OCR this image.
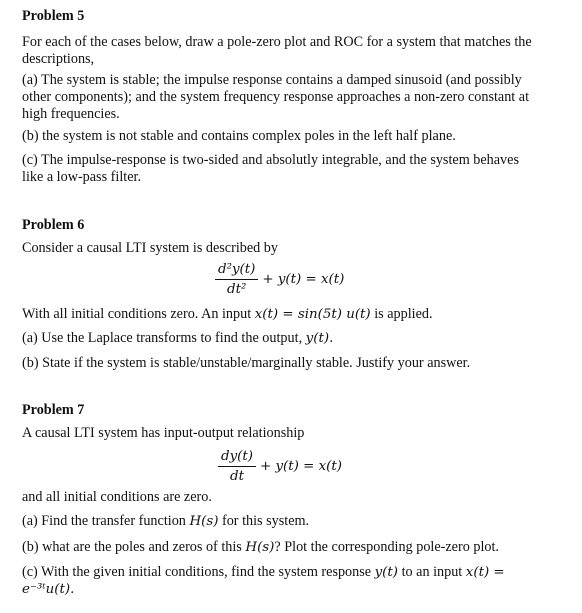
Problem 5
For each of the cases below, draw a pole-zero plot and ROC for a system that matches the
descriptions,
(a) The system is stable; the impulse response contains a damped sinusoid (and possibly
other components); and the system frequency response approaches a non-zero constant at
high frequencies.
(b) the system is not stable and contains complex poles in the left half plane.
(c) The impulse-response is two-sided and absolutly integrable, and the system behaves
like a low-pass filter.
Problem 6
Consider a causal LTI system is described by
$\frac{\text{d²y(t)}}{\text{dt²}} + y(t) = x(t)$
With all initial conditions zero. An input x(t) = sin(5t) u(t) is applied.
(a) Use the Laplace transforms to find the output, y(t).
(b) State if the system is stable/unstable/marginally stable. Justify your answer.
Problem 7
A causal LTI system has input-output relationship
$\frac{dy(t)}{dt} + y(t) = x(t)$
and all initial conditions are zero.
(a) Find the transfer function H(s) for this system.
(b) what are the poles and zeros of this H(s)? Plot the corresponding pole-zero plot.
(c) With the given initial conditions, find the system response y(t) to an input x(t) =
e⁻³ᵗu(t).
